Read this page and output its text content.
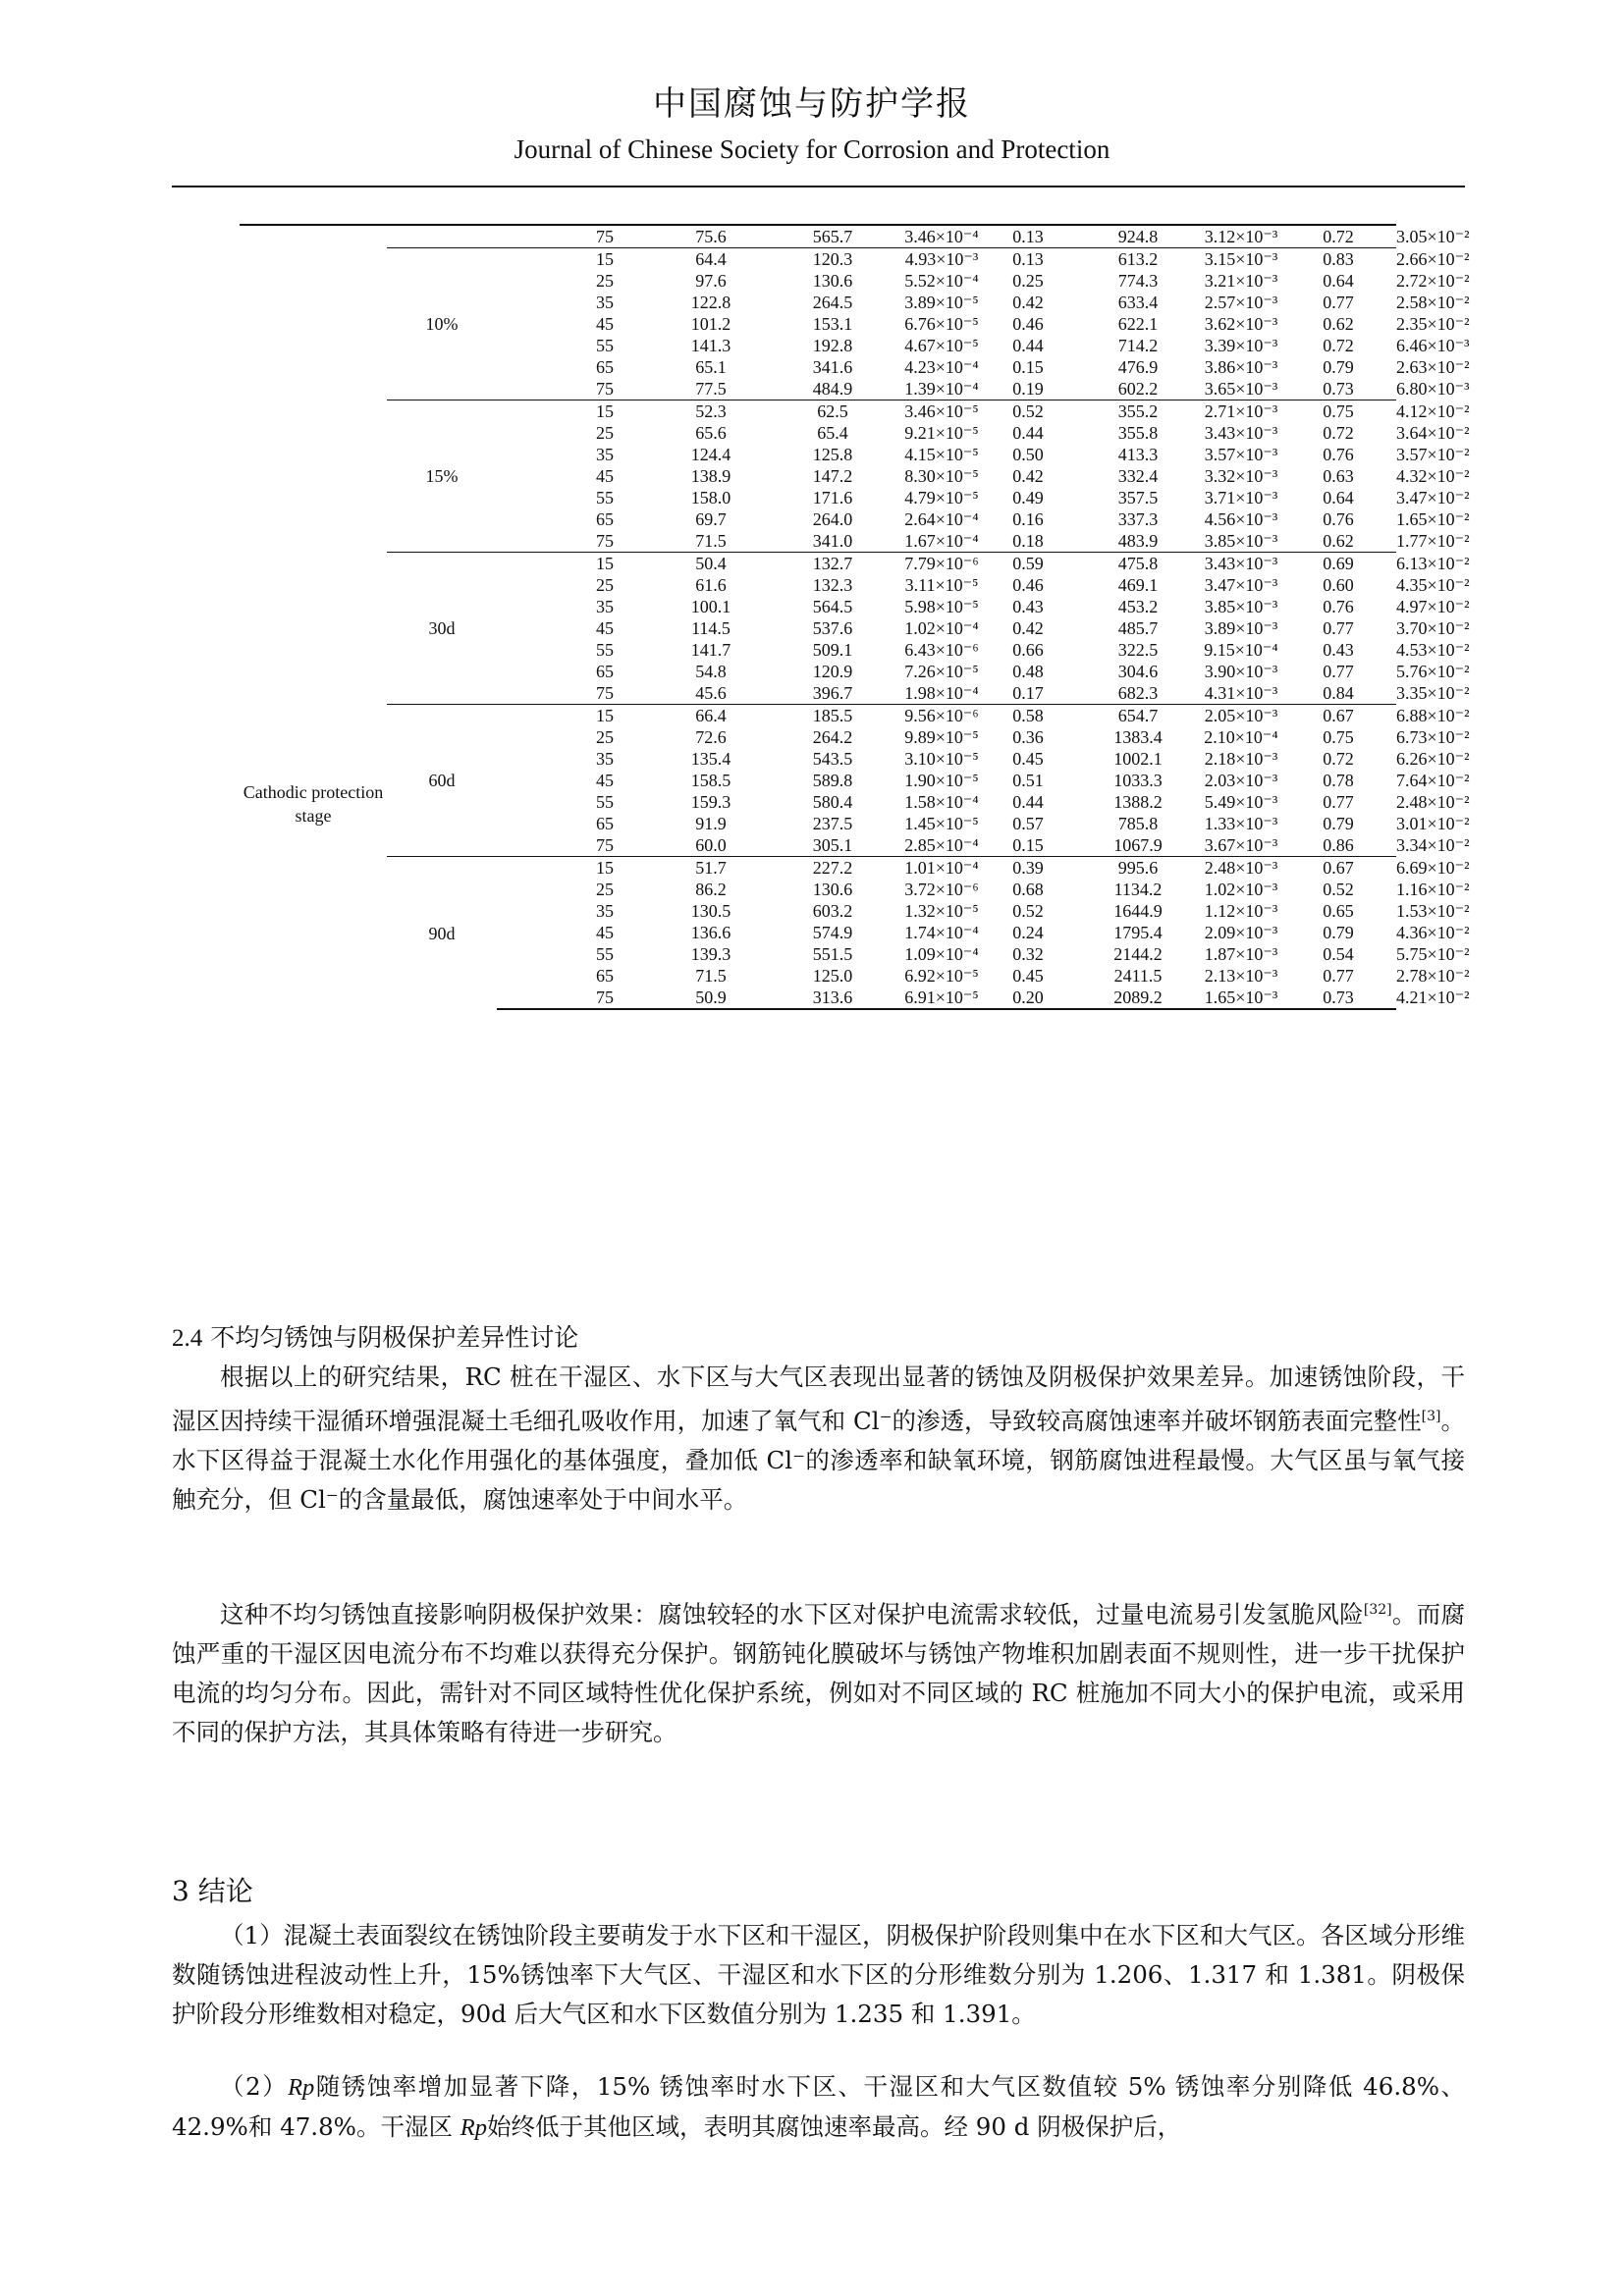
中国腐蚀与防护学报
Journal of Chinese Society for Corrosion and Protection
Cathodic protection stage			75	75.6	565.7	3.46×10⁻⁴	0.13	924.8	3.12×10⁻³	0.72	3.05×10⁻²
	10%		15	64.4	120.3	4.93×10⁻³	0.13	613.2	3.15×10⁻³	0.83	2.66×10⁻²
			25	97.6	130.6	5.52×10⁻⁴	0.25	774.3	3.21×10⁻³	0.64	2.72×10⁻²
			35	122.8	264.5	3.89×10⁻⁵	0.42	633.4	2.57×10⁻³	0.77	2.58×10⁻²
			45	101.2	153.1	6.76×10⁻⁵	0.46	622.1	3.62×10⁻³	0.62	2.35×10⁻²
			55	141.3	192.8	4.67×10⁻⁵	0.44	714.2	3.39×10⁻³	0.72	6.46×10⁻³
			65	65.1	341.6	4.23×10⁻⁴	0.15	476.9	3.86×10⁻³	0.79	2.63×10⁻²
			75	77.5	484.9	1.39×10⁻⁴	0.19	602.2	3.65×10⁻³	0.73	6.80×10⁻³
	15%		15	52.3	62.5	3.46×10⁻⁵	0.52	355.2	2.71×10⁻³	0.75	4.12×10⁻²
			25	65.6	65.4	9.21×10⁻⁵	0.44	355.8	3.43×10⁻³	0.72	3.64×10⁻²
			35	124.4	125.8	4.15×10⁻⁵	0.50	413.3	3.57×10⁻³	0.76	3.57×10⁻²
			45	138.9	147.2	8.30×10⁻⁵	0.42	332.4	3.32×10⁻³	0.63	4.32×10⁻²
			55	158.0	171.6	4.79×10⁻⁵	0.49	357.5	3.71×10⁻³	0.64	3.47×10⁻²
			65	69.7	264.0	2.64×10⁻⁴	0.16	337.3	4.56×10⁻³	0.76	1.65×10⁻²
			75	71.5	341.0	1.67×10⁻⁴	0.18	483.9	3.85×10⁻³	0.62	1.77×10⁻²
	30d		15	50.4	132.7	7.79×10⁻⁶	0.59	475.8	3.43×10⁻³	0.69	6.13×10⁻²
			25	61.6	132.3	3.11×10⁻⁵	0.46	469.1	3.47×10⁻³	0.60	4.35×10⁻²
			35	100.1	564.5	5.98×10⁻⁵	0.43	453.2	3.85×10⁻³	0.76	4.97×10⁻²
			45	114.5	537.6	1.02×10⁻⁴	0.42	485.7	3.89×10⁻³	0.77	3.70×10⁻²
			55	141.7	509.1	6.43×10⁻⁶	0.66	322.5	9.15×10⁻⁴	0.43	4.53×10⁻²
			65	54.8	120.9	7.26×10⁻⁵	0.48	304.6	3.90×10⁻³	0.77	5.76×10⁻²
			75	45.6	396.7	1.98×10⁻⁴	0.17	682.3	4.31×10⁻³	0.84	3.35×10⁻²
	60d		15	66.4	185.5	9.56×10⁻⁶	0.58	654.7	2.05×10⁻³	0.67	6.88×10⁻²
			25	72.6	264.2	9.89×10⁻⁵	0.36	1383.4	2.10×10⁻⁴	0.75	6.73×10⁻²
			35	135.4	543.5	3.10×10⁻⁵	0.45	1002.1	2.18×10⁻³	0.72	6.26×10⁻²
			45	158.5	589.8	1.90×10⁻⁵	0.51	1033.3	2.03×10⁻³	0.78	7.64×10⁻²
			55	159.3	580.4	1.58×10⁻⁴	0.44	1388.2	5.49×10⁻³	0.77	2.48×10⁻²
			65	91.9	237.5	1.45×10⁻⁵	0.57	785.8	1.33×10⁻³	0.79	3.01×10⁻²
			75	60.0	305.1	2.85×10⁻⁴	0.15	1067.9	3.67×10⁻³	0.86	3.34×10⁻²
	90d		15	51.7	227.2	1.01×10⁻⁴	0.39	995.6	2.48×10⁻³	0.67	6.69×10⁻²
			25	86.2	130.6	3.72×10⁻⁶	0.68	1134.2	1.02×10⁻³	0.52	1.16×10⁻²
			35	130.5	603.2	1.32×10⁻⁵	0.52	1644.9	1.12×10⁻³	0.65	1.53×10⁻²
			45	136.6	574.9	1.74×10⁻⁴	0.24	1795.4	2.09×10⁻³	0.79	4.36×10⁻²
			55	139.3	551.5	1.09×10⁻⁴	0.32	2144.2	1.87×10⁻³	0.54	5.75×10⁻²
			65	71.5	125.0	6.92×10⁻⁵	0.45	2411.5	2.13×10⁻³	0.77	2.78×10⁻²
			75	50.9	313.6	6.91×10⁻⁵	0.20	2089.2	1.65×10⁻³	0.73	4.21×10⁻²
2.4 不均匀锈蚀与阴极保护差异性讨论
根据以上的研究结果，RC 桩在干湿区、水下区与大气区表现出显著的锈蚀及阴极保护效果差异。加速锈蚀阶段，干湿区因持续干湿循环增强混凝土毛细孔吸收作用，加速了氧气和 Cl⁻的渗透，导致较高腐蚀速率并破坏钢筋表面完整性[3]。水下区得益于混凝土水化作用强化的基体强度，叠加低 Cl⁻的渗透率和缺氧环境，钢筋腐蚀进程最慢。大气区虽与氧气接触充分，但 Cl⁻的含量最低，腐蚀速率处于中间水平。
这种不均匀锈蚀直接影响阴极保护效果：腐蚀较轻的水下区对保护电流需求较低，过量电流易引发氢脆风险[32]。而腐蚀严重的干湿区因电流分布不均难以获得充分保护。钢筋钝化膜破坏与锈蚀产物堆积加剧表面不规则性，进一步干扰保护电流的均匀分布。因此，需针对不同区域特性优化保护系统，例如对不同区域的 RC 桩施加不同大小的保护电流，或采用不同的保护方法，其具体策略有待进一步研究。
3 结论
（1）混凝土表面裂纹在锈蚀阶段主要萌发于水下区和干湿区，阴极保护阶段则集中在水下区和大气区。各区域分形维数随锈蚀进程波动性上升，15%锈蚀率下大气区、干湿区和水下区的分形维数分别为 1.206、1.317 和 1.381。阴极保护阶段分形维数相对稳定，90d 后大气区和水下区数值分别为 1.235 和 1.391。
（2）Rp随锈蚀率增加显著下降，15% 锈蚀率时水下区、干湿区和大气区数值较 5% 锈蚀率分别降低 46.8%、42.9%和 47.8%。干湿区 Rp始终低于其他区域，表明其腐蚀速率最高。经 90 d 阴极保护后，
